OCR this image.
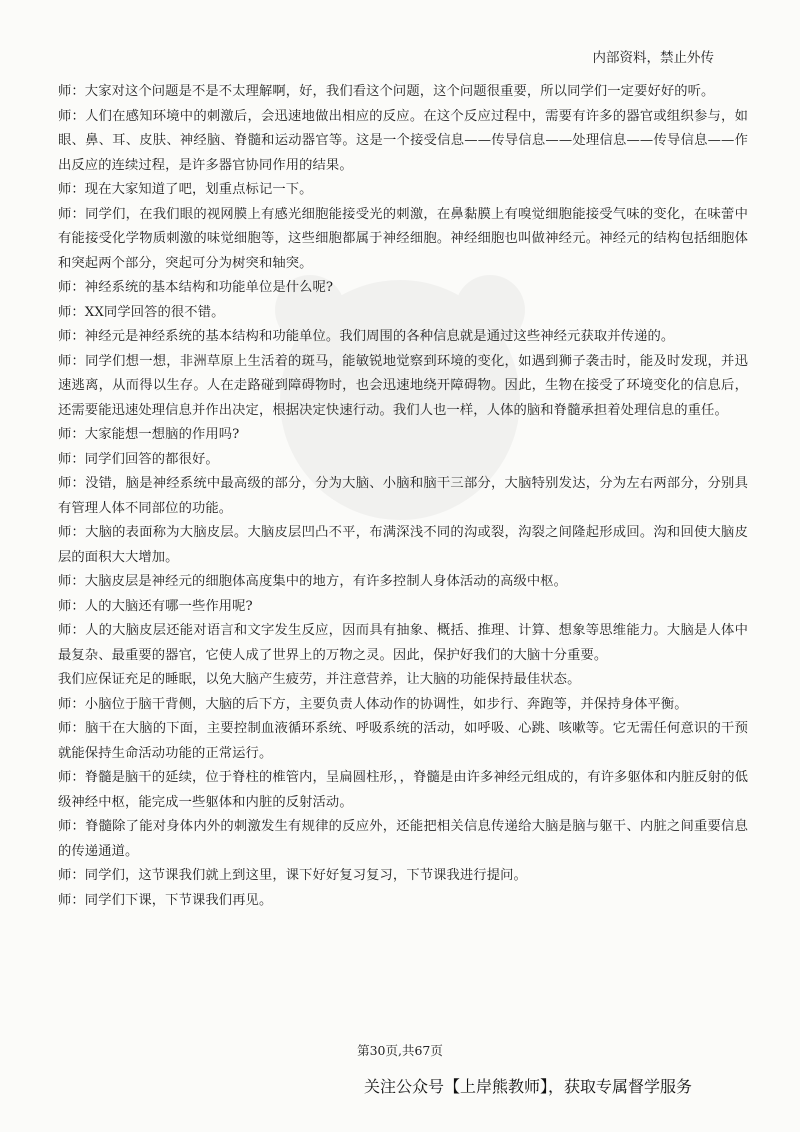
内部资料，禁止外传

师：大家对这个问题是不是不太理解啊，好，我们看这个问题，这个问题很重要，所以同学们一定要好好的听。

师：人们在感知环境中的刺激后，会迅速地做出相应的反应。在这个反应过程中，需要有许多的器官或组织参与，如眼、鼻、耳、皮肤、神经脑、脊髓和运动器官等。这是一个接受信息——传导信息——处理信息——传导信息——作出反应的连续过程，是许多器官协同作用的结果。

师：现在大家知道了吧，划重点标记一下。

师：同学们，在我们眼的视网膜上有感光细胞能接受光的刺激，在鼻黏膜上有嗅觉细胞能接受气味的变化，在味蕾中有能接受化学物质刺激的味觉细胞等，这些细胞都属于神经细胞。神经细胞也叫做神经元。神经元的结构包括细胞体和突起两个部分，突起可分为树突和轴突。

师：神经系统的基本结构和功能单位是什么呢?

师：XX同学回答的很不错。

师：神经元是神经系统的基本结构和功能单位。我们周围的各种信息就是通过这些神经元获取并传递的。

师：同学们想一想，非洲草原上生活着的斑马，能敏锐地觉察到环境的变化，如遇到狮子袭击时，能及时发现，并迅速逃离，从而得以生存。人在走路碰到障碍物时，也会迅速地绕开障碍物。因此，生物在接受了环境变化的信息后，还需要能迅速处理信息并作出决定，根据决定快速行动。我们人也一样，人体的脑和脊髓承担着处理信息的重任。

师：大家能想一想脑的作用吗?

师：同学们回答的都很好。

师：没错，脑是神经系统中最高级的部分，分为大脑、小脑和脑干三部分，大脑特别发达，分为左右两部分，分别具有管理人体不同部位的功能。

师：大脑的表面称为大脑皮层。大脑皮层凹凸不平，布满深浅不同的沟或裂，沟裂之间隆起形成回。沟和回使大脑皮层的面积大大增加。

师：大脑皮层是神经元的细胞体高度集中的地方，有许多控制人身体活动的高级中枢。

师：人的大脑还有哪一些作用呢?

师：人的大脑皮层还能对语言和文字发生反应，因而具有抽象、概括、推理、计算、想象等思维能力。大脑是人体中最复杂、最重要的器官，它使人成了世界上的万物之灵。因此，保护好我们的大脑十分重要。

我们应保证充足的睡眠，以免大脑产生疲劳，并注意营养，让大脑的功能保持最佳状态。

师：小脑位于脑干背侧，大脑的后下方，主要负责人体动作的协调性，如步行、奔跑等，并保持身体平衡。

师：脑干在大脑的下面，主要控制血液循环系统、呼吸系统的活动，如呼吸、心跳、咳嗽等。它无需任何意识的干预就能保持生命活动功能的正常运行。

师：脊髓是脑干的延续，位于脊柱的椎管内，呈扁圆柱形，，脊髓是由许多神经元组成的，有许多躯体和内脏反射的低级神经中枢，能完成一些躯体和内脏的反射活动。

师：脊髓除了能对身体内外的刺激发生有规律的反应外，还能把相关信息传递给大脑是脑与躯干、内脏之间重要信息的传递通道。

师：同学们，这节课我们就上到这里，课下好好复习复习，下节课我进行提问。

师：同学们下课，下节课我们再见。

第30页,共67页
关注公众号【上岸熊教师】，获取专属督学服务
